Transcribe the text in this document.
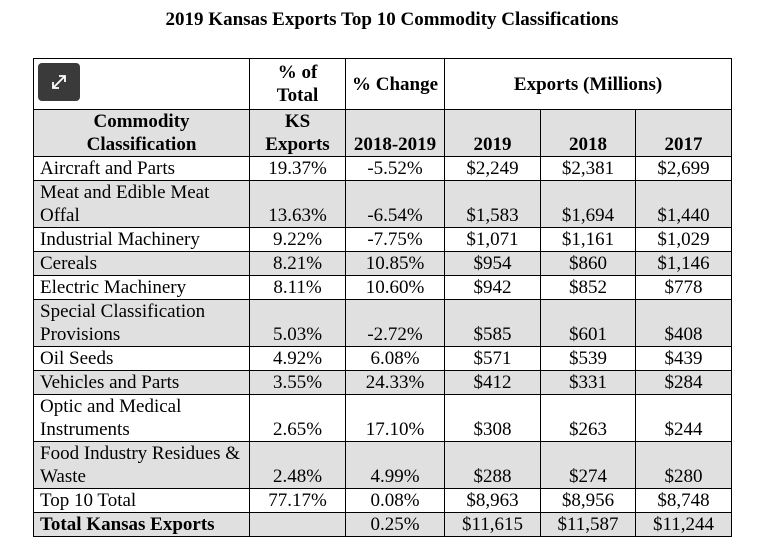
2019 Kansas Exports Top 10 Commodity Classifications
	% of Total	% Change	Exports (Millions)		
Commodity Classification	KS Exports	2018-2019	2019	2018	2017
Aircraft and Parts	19.37%	-5.52%	$2,249	$2,381	$2,699
Meat and Edible Meat Offal	13.63%	-6.54%	$1,583	$1,694	$1,440
Industrial Machinery	9.22%	-7.75%	$1,071	$1,161	$1,029
Cereals	8.21%	10.85%	$954	$860	$1,146
Electric Machinery	8.11%	10.60%	$942	$852	$778
Special Classification Provisions	5.03%	-2.72%	$585	$601	$408
Oil Seeds	4.92%	6.08%	$571	$539	$439
Vehicles and Parts	3.55%	24.33%	$412	$331	$284
Optic and Medical Instruments	2.65%	17.10%	$308	$263	$244
Food Industry Residues & Waste	2.48%	4.99%	$288	$274	$280
Top 10 Total	77.17%	0.08%	$8,963	$8,956	$8,748
Total Kansas Exports		0.25%	$11,615	$11,587	$11,244
